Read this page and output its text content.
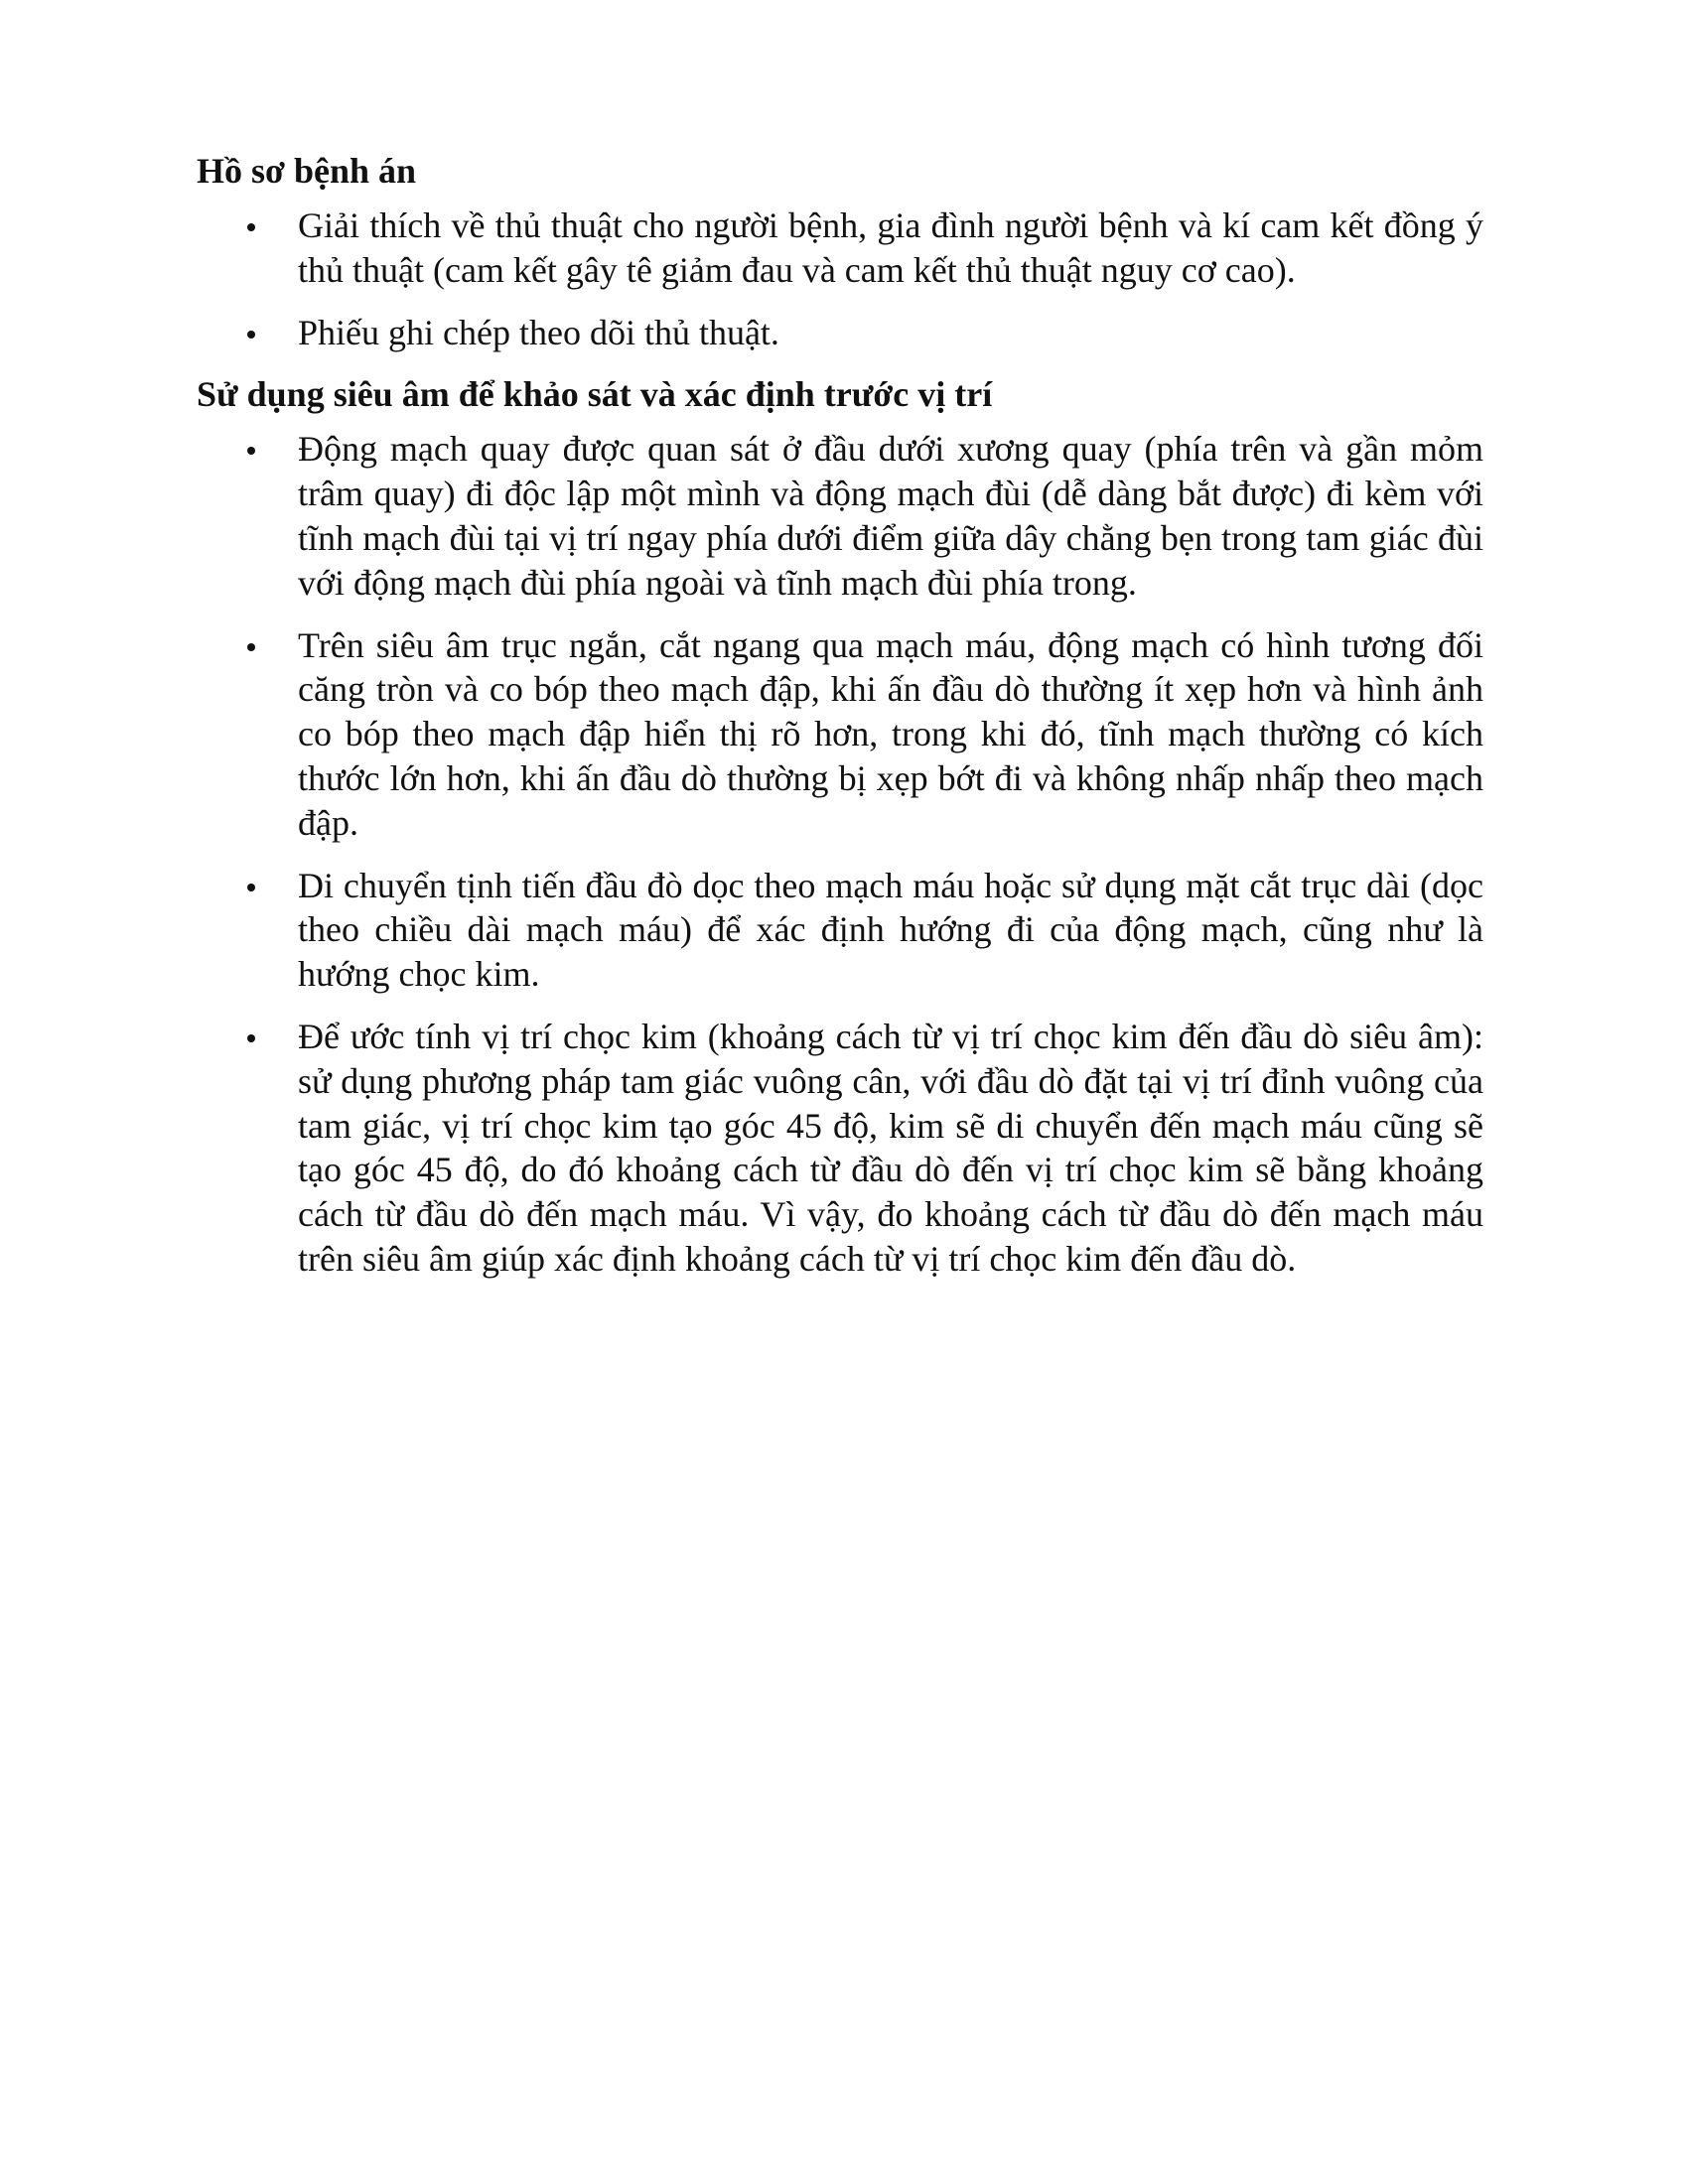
Hồ sơ bệnh án
Giải thích về thủ thuật cho người bệnh, gia đình người bệnh và kí cam kết đồng ý thủ thuật (cam kết gây tê giảm đau và cam kết thủ thuật nguy cơ cao).
Phiếu ghi chép theo dõi thủ thuật.
Sử dụng siêu âm để khảo sát và xác định trước vị trí
Động mạch quay được quan sát ở đầu dưới xương quay (phía trên và gần mỏm trâm quay) đi độc lập một mình và động mạch đùi (dễ dàng bắt được) đi kèm với tĩnh mạch đùi tại vị trí ngay phía dưới điểm giữa dây chằng bẹn trong tam giác đùi với động mạch đùi phía ngoài và tĩnh mạch đùi phía trong.
Trên siêu âm trục ngắn, cắt ngang qua mạch máu, động mạch có hình tương đối căng tròn và co bóp theo mạch đập, khi ấn đầu dò thường ít xẹp hơn và hình ảnh co bóp theo mạch đập hiển thị rõ hơn, trong khi đó, tĩnh mạch thường có kích thước lớn hơn, khi ấn đầu dò thường bị xẹp bớt đi và không nhấp nhấp theo mạch đập.
Di chuyển tịnh tiến đầu đò dọc theo mạch máu hoặc sử dụng mặt cắt trục dài (dọc theo chiều dài mạch máu) để xác định hướng đi của động mạch, cũng như là hướng chọc kim.
Để ước tính vị trí chọc kim (khoảng cách từ vị trí chọc kim đến đầu dò siêu âm): sử dụng phương pháp tam giác vuông cân, với đầu dò đặt tại vị trí đỉnh vuông của tam giác, vị trí chọc kim tạo góc 45 độ, kim sẽ di chuyển đến mạch máu cũng sẽ tạo góc 45 độ, do đó khoảng cách từ đầu dò đến vị trí chọc kim sẽ bằng khoảng cách từ đầu dò đến mạch máu. Vì vậy, đo khoảng cách từ đầu dò đến mạch máu trên siêu âm giúp xác định khoảng cách từ vị trí chọc kim đến đầu dò.
